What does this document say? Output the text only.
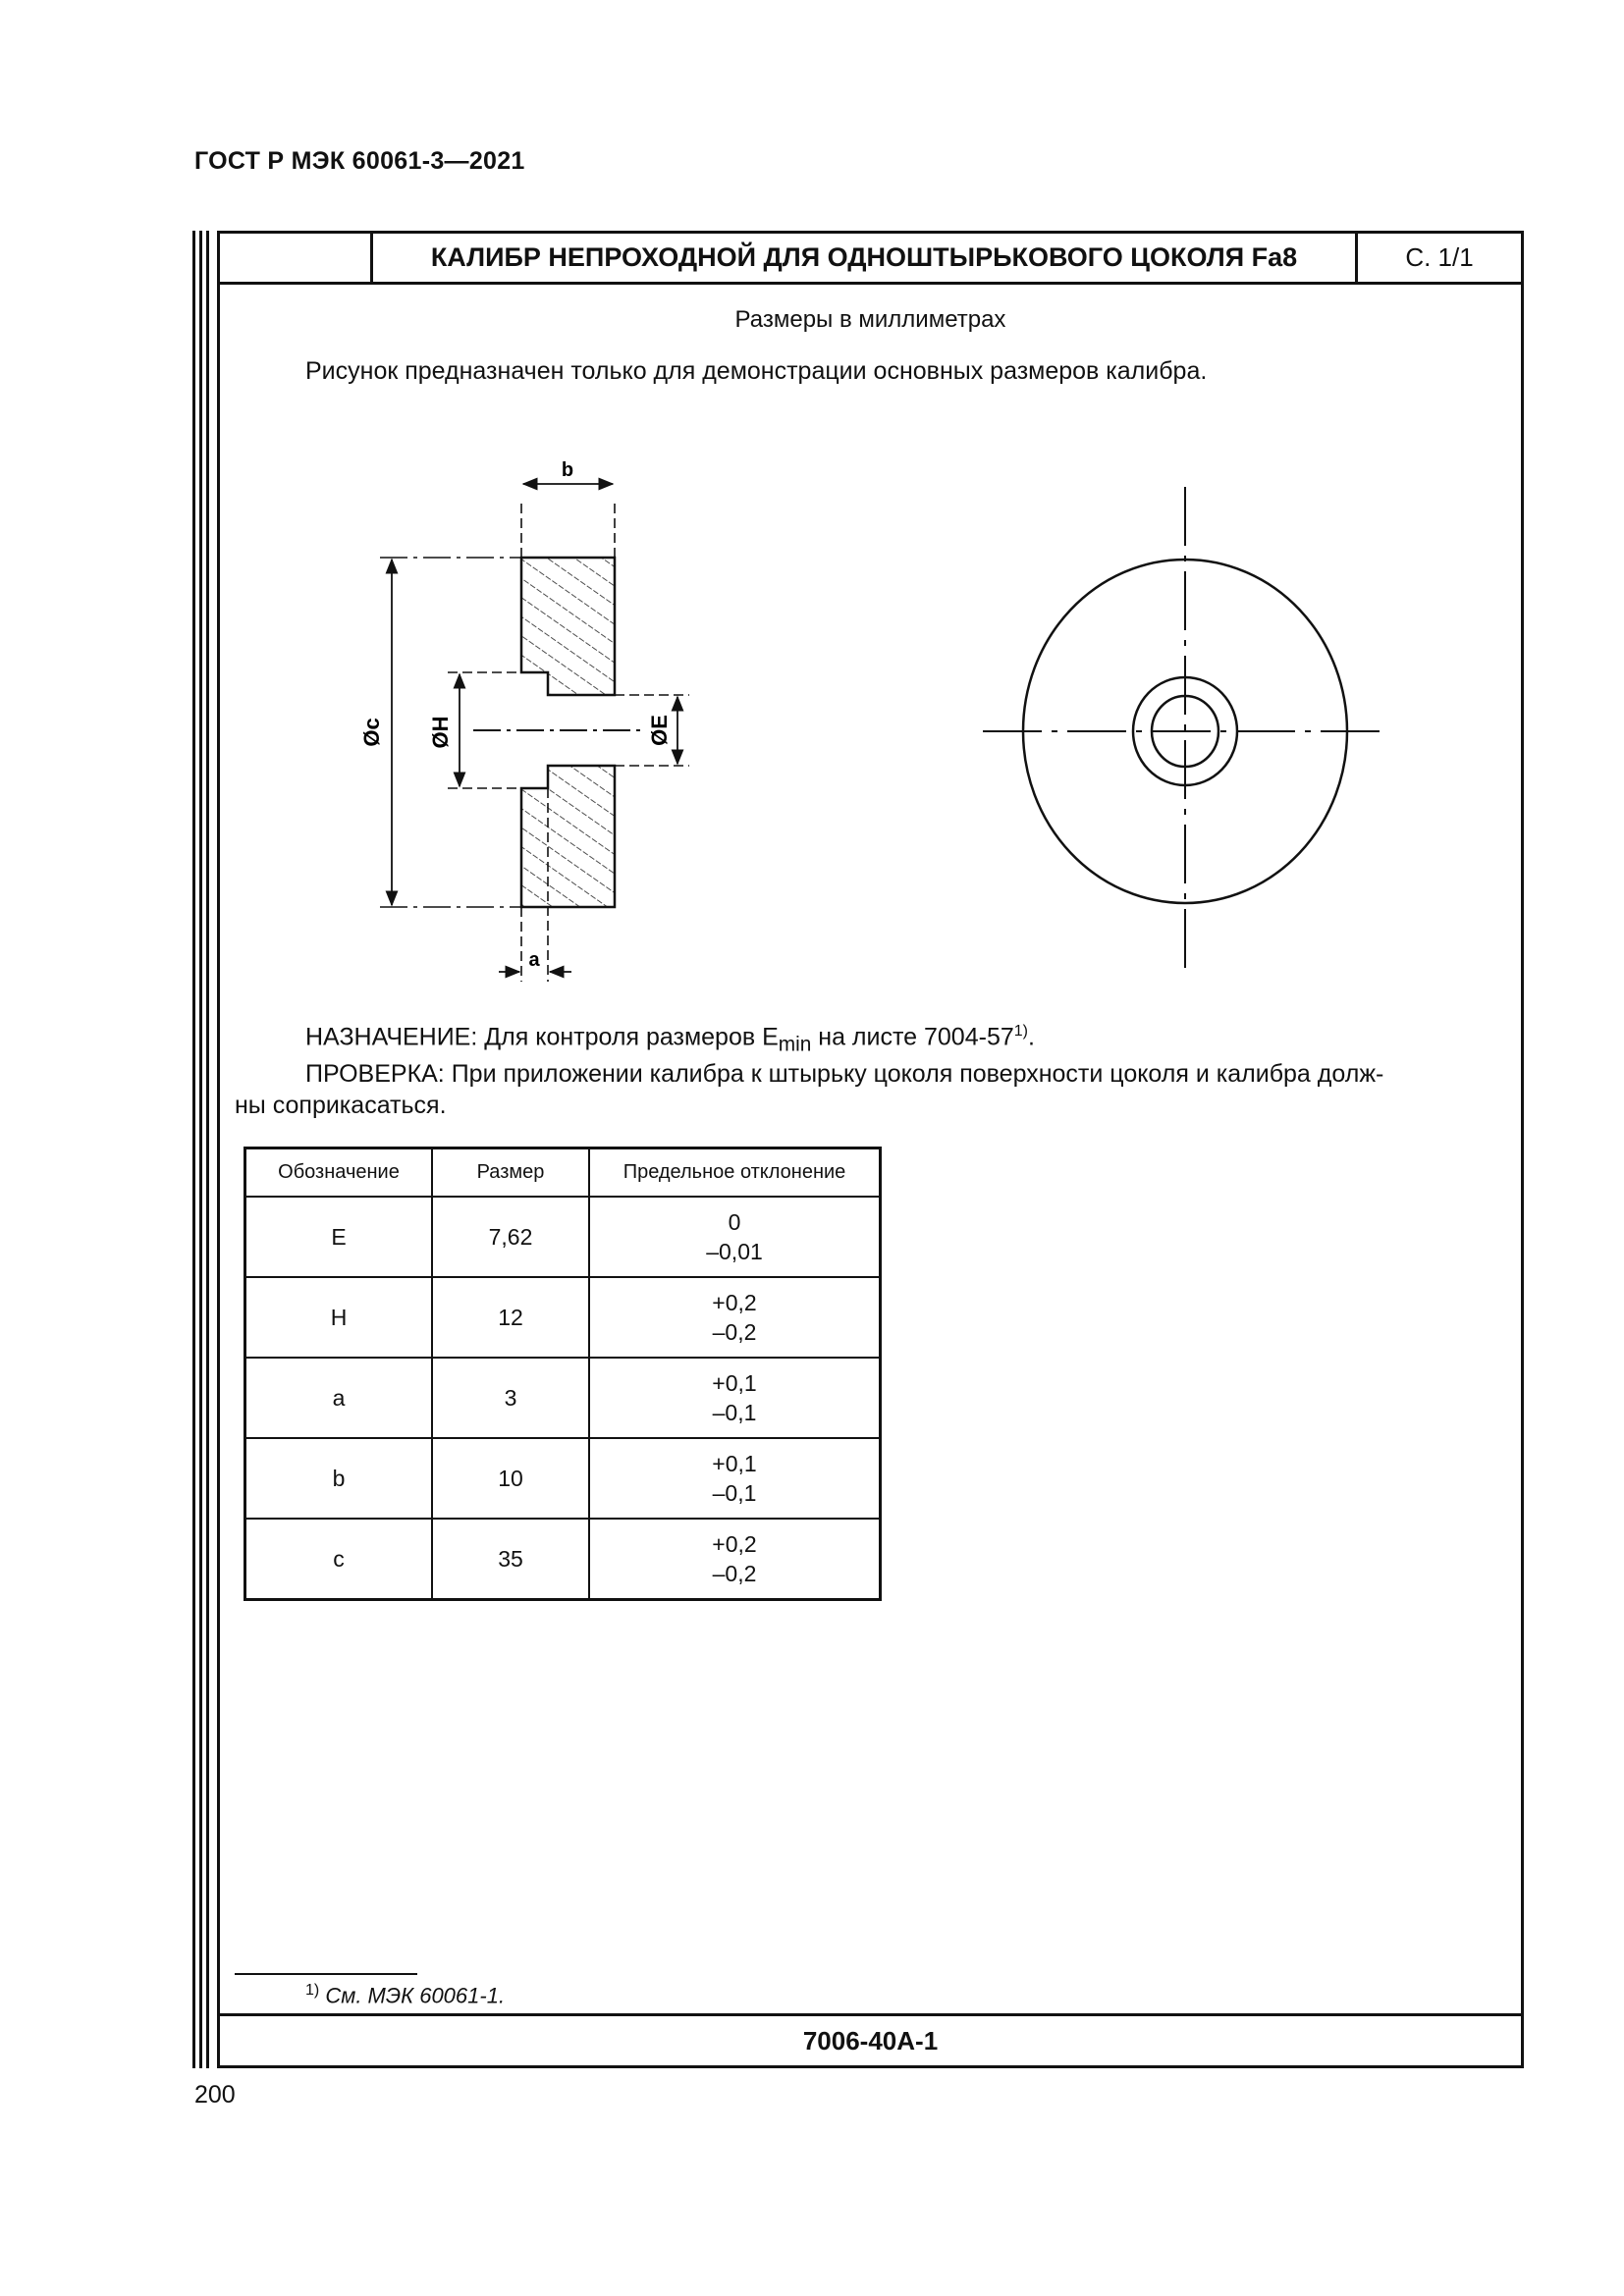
ГОСТ Р МЭК 60061-3—2021
КАЛИБР НЕПРОХОДНОЙ ДЛЯ ОДНОШТЫРЬКОВОГО ЦОКОЛЯ Fa8	С. 1/1
Размеры в миллиметрах
Рисунок предназначен только для демонстрации основных размеров калибра.
b
Øc ØH	ØE
a
НАЗНАЧЕНИЕ: Для контроля размеров $E_{min}$ на листе 7004-57$^{1)}$.
ПРОВЕРКА: При приложении калибра к штырьку цоколя поверхности цоколя и калибра долж-
ны соприкасаться.
Обозначение	Размер	Предельное отклонение
E	7,62	0
–0,01
H	12	+0,2
–0,2
a	3	+0,1
–0,1
b	10	+0,1
–0,1
c	35	+0,2
–0,2
$^{1)}$ См. МЭК 60061-1.
7006-40A-1
200
